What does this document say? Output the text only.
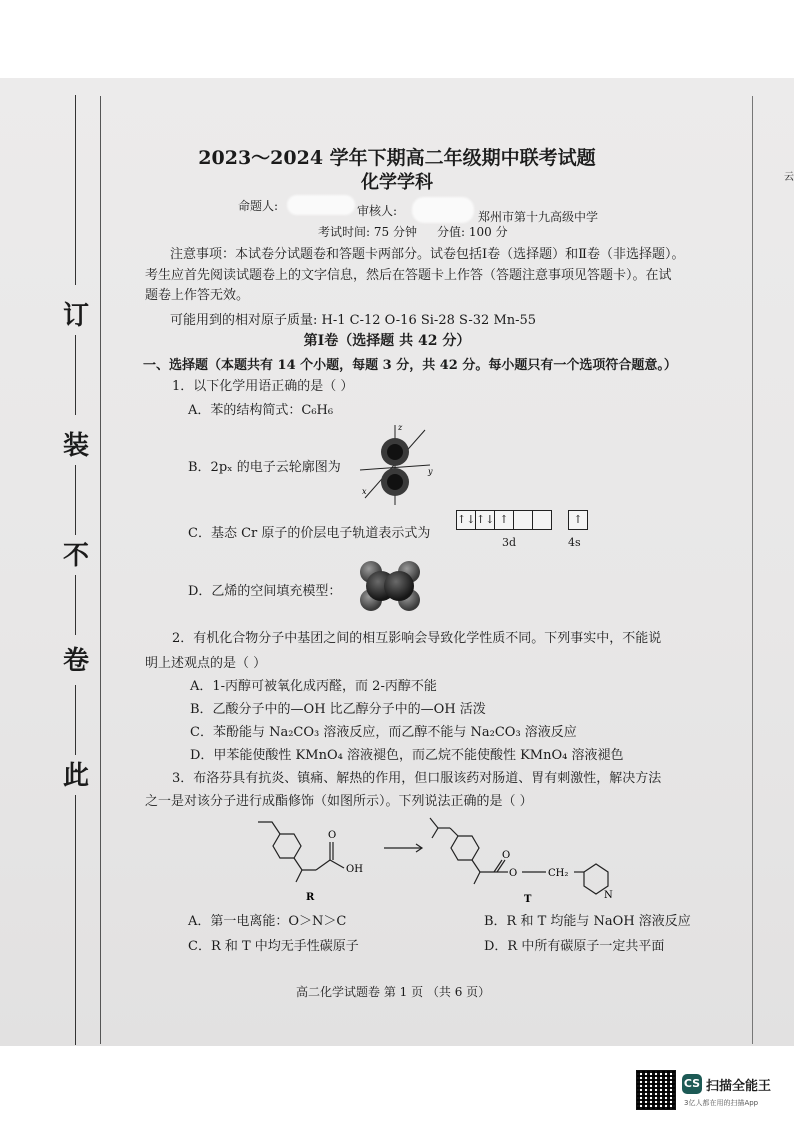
订
装
不
卷
此
云
2023～2024 学年下期高二年级期中联考试题
化学学科
命题人:	审核人:	郑州市第十九高级中学
考试时间: 75 分钟 分值: 100 分
注意事项：本试卷分试题卷和答题卡两部分。试卷包括Ⅰ卷（选择题）和Ⅱ卷（非选择题）。
考生应首先阅读试题卷上的文字信息，然后在答题卡上作答（答题注意事项见答题卡）。在试
题卷上作答无效。
可能用到的相对原子质量: H-1 C-12 O-16 Si-28 S-32 Mn-55
第Ⅰ卷（选择题 共 42 分）
一、选择题（本题共有 14 个小题，每题 3 分，共 42 分。每小题只有一个选项符合题意。）
1．以下化学用语正确的是（ ）
A．苯的结构简式：C₆H₆
B．2pₓ 的电子云轮廓图为
z
x
y
C．基态 Cr 原子的价层电子轨道表示式为
↑↓↑↓ ↑	↑
3d	4s
D．乙烯的空间填充模型：
2．有机化合物分子中基团之间的相互影响会导致化学性质不同。下列事实中，不能说
明上述观点的是（ ）
A．1-丙醇可被氧化成丙醛，而 2-丙醇不能
B．乙酸分子中的—OH 比乙醇分子中的—OH 活泼
C．苯酚能与 Na₂CO₃ 溶液反应，而乙醇不能与 Na₂CO₃ 溶液反应
D．甲苯能使酸性 KMnO₄ 溶液褪色，而乙烷不能使酸性 KMnO₄ 溶液褪色
3．布洛芬具有抗炎、镇痛、解热的作用，但口服该药对肠道、胃有刺激性，解决方法
之一是对该分子进行成酯修饰（如图所示）。下列说法正确的是（ ）
OH
O
O
O	CH₂
N
R	T
A．第一电离能：O＞N＞C	B．R 和 T 均能与 NaOH 溶液反应
C．R 和 T 中均无手性碳原子	D．R 中所有碳原子一定共平面
高二化学试题卷 第 1 页 （共 6 页）
CS 扫描全能王
3亿人都在用的扫描App
